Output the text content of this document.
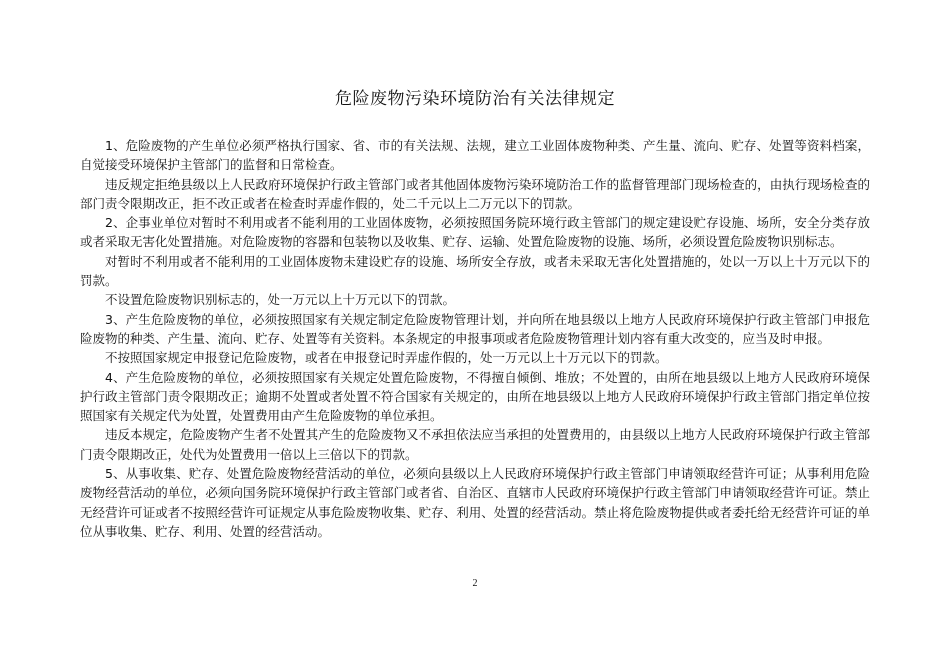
危险废物污染环境防治有关法律规定

1、危险废物的产生单位必须严格执行国家、省、市的有关法规、法规，建立工业固体废物种类、产生量、流向、贮存、处置等资料档案，自觉接受环境保护主管部门的监督和日常检查。

违反规定拒绝县级以上人民政府环境保护行政主管部门或者其他固体废物污染环境防治工作的监督管理部门现场检查的，由执行现场检查的部门责令限期改正，拒不改正或者在检查时弄虚作假的，处二千元以上二万元以下的罚款。

2、企事业单位对暂时不利用或者不能利用的工业固体废物，必须按照国务院环境行政主管部门的规定建设贮存设施、场所，安全分类存放或者采取无害化处置措施。对危险废物的容器和包装物以及收集、贮存、运输、处置危险废物的设施、场所，必须设置危险废物识别标志。

对暂时不利用或者不能利用的工业固体废物未建设贮存的设施、场所安全存放，或者未采取无害化处置措施的，处以一万以上十万元以下的罚款。

不设置危险废物识别标志的，处一万元以上十万元以下的罚款。

3、产生危险废物的单位，必须按照国家有关规定制定危险废物管理计划，并向所在地县级以上地方人民政府环境保护行政主管部门申报危险废物的种类、产生量、流向、贮存、处置等有关资料。本条规定的申报事项或者危险废物管理计划内容有重大改变的，应当及时申报。

不按照国家规定申报登记危险废物，或者在申报登记时弄虚作假的，处一万元以上十万元以下的罚款。

4、产生危险废物的单位，必须按照国家有关规定处置危险废物，不得擅自倾倒、堆放；不处置的，由所在地县级以上地方人民政府环境保护行政主管部门责令限期改正；逾期不处置或者处置不符合国家有关规定的，由所在地县级以上地方人民政府环境保护行政主管部门指定单位按照国家有关规定代为处置，处置费用由产生危险废物的单位承担。

违反本规定，危险废物产生者不处置其产生的危险废物又不承担依法应当承担的处置费用的，由县级以上地方人民政府环境保护行政主管部门责令限期改正，处代为处置费用一倍以上三倍以下的罚款。

5、从事收集、贮存、处置危险废物经营活动的单位，必须向县级以上人民政府环境保护行政主管部门申请领取经营许可证；从事利用危险废物经营活动的单位，必须向国务院环境保护行政主管部门或者省、自治区、直辖市人民政府环境保护行政主管部门申请领取经营许可证。禁止无经营许可证或者不按照经营许可证规定从事危险废物收集、贮存、利用、处置的经营活动。禁止将危险废物提供或者委托给无经营许可证的单位从事收集、贮存、利用、处置的经营活动。

2
